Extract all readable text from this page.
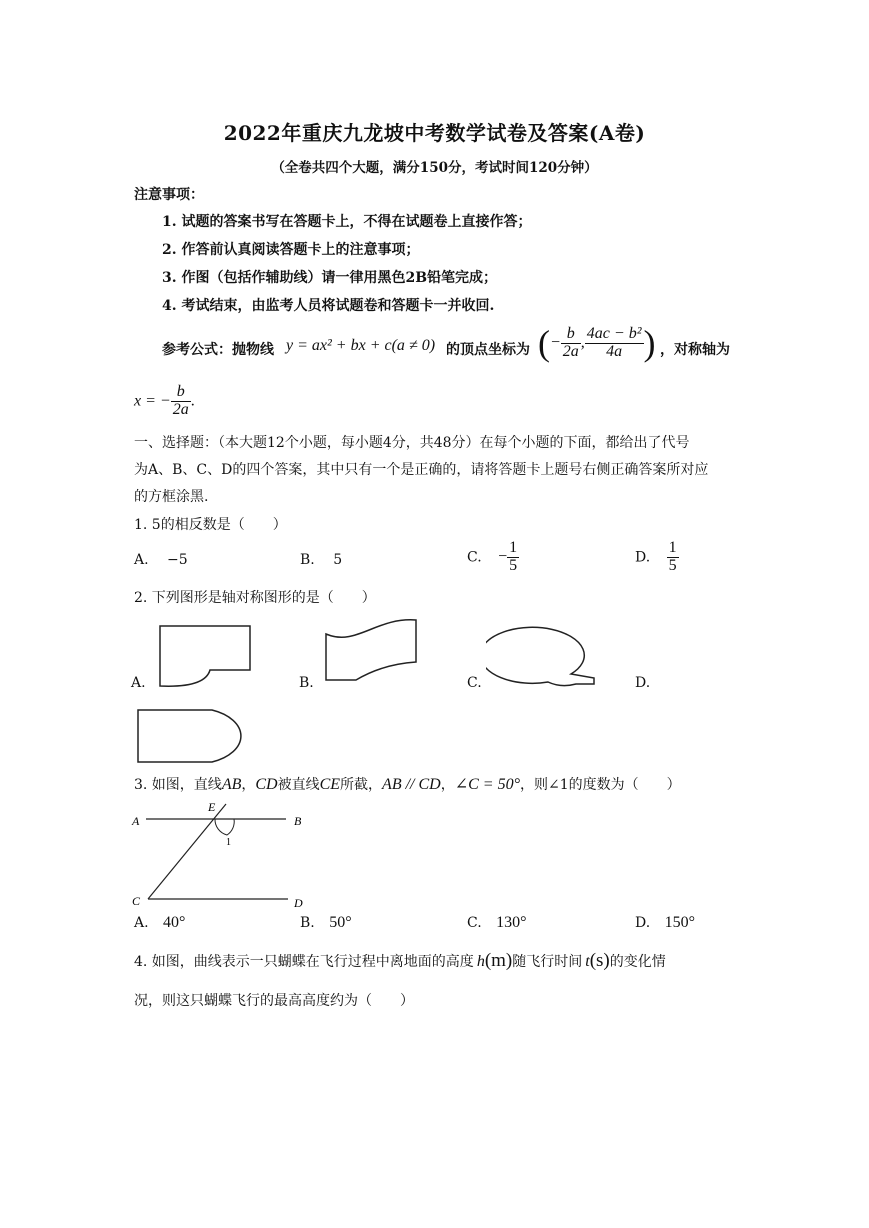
2022年重庆九龙坡中考数学试卷及答案(A卷)
（全卷共四个大题，满分150分，考试时间120分钟）
注意事项：
1. 试题的答案书写在答题卡上，不得在试题卷上直接作答；
2. 作答前认真阅读答题卡上的注意事项；
3. 作图（包括作辅助线）请一律用黑色2B铅笔完成；
4. 考试结束，由监考人员将试题卷和答题卡一并收回.
参考公式：抛物线 y = ax² + bx + c(a ≠ 0) 的顶点坐标为 (− $\frac{b}{2a}$ , $\frac{\text{4ac − b²}}{4a}$ ) ，对称轴为
x = − $\frac{b}{2a}$ .
一、选择题：（本大题12个小题，每小题4分，共48分）在每个小题的下面，都给出了代号
为A、B、C、D的四个答案，其中只有一个是正确的，请将答题卡上题号右侧正确答案所对应
的方框涂黑.
1. 5的相反数是（　　）
A. −5	B. 5	C. − $\frac{1}{5}$	D. $\frac{1}{5}$
2. 下列图形是轴对称图形的是（　　）
A.	B.	C.	D.
3. 如图，直线AB，CD被直线CE所截，AB // CD，∠C = 50°，则∠1的度数为（　　）
A	B
C	D
E
1
A. 40°	B. 50°	C. 130°	D. 150°
4. 如图，曲线表示一只蝴蝶在飞行过程中离地面的高度 h(m)随飞行时间 t(s)的变化情
况，则这只蝴蝶飞行的最高高度约为（　　）
